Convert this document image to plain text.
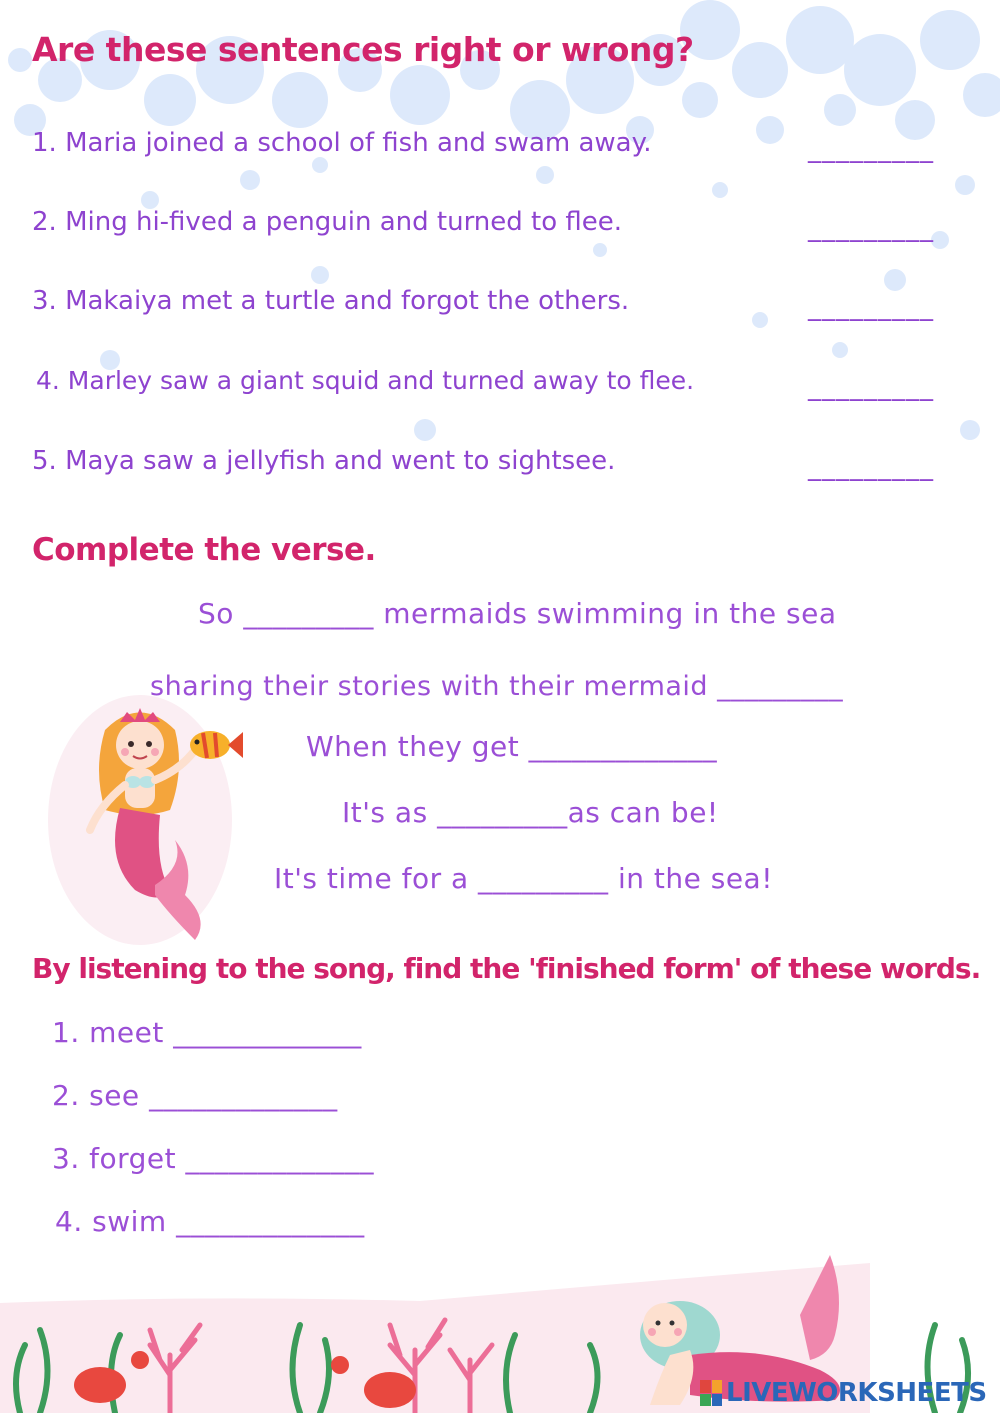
Are these sentences right or wrong?
1. Maria joined a school of fish and swam away.	_________
2. Ming hi-fived a penguin and turned to flee.	_________
3. Makaiya met a turtle and forgot the others.	_________
4. Marley saw a giant squid and turned away to flee.	_________
5. Maya saw a jellyfish and went to sightsee.	_________
Complete the verse.
So _________ mermaids swimming in the sea
sharing their stories with their mermaid _________
When they get _____________
It's as _________as can be!
It's time for a _________ in the sea!
By listening to the song, find the 'finished form' of these words.
1. meet _____________
2. see _____________
3. forget _____________
4. swim _____________
LIVEWORKSHEETS
